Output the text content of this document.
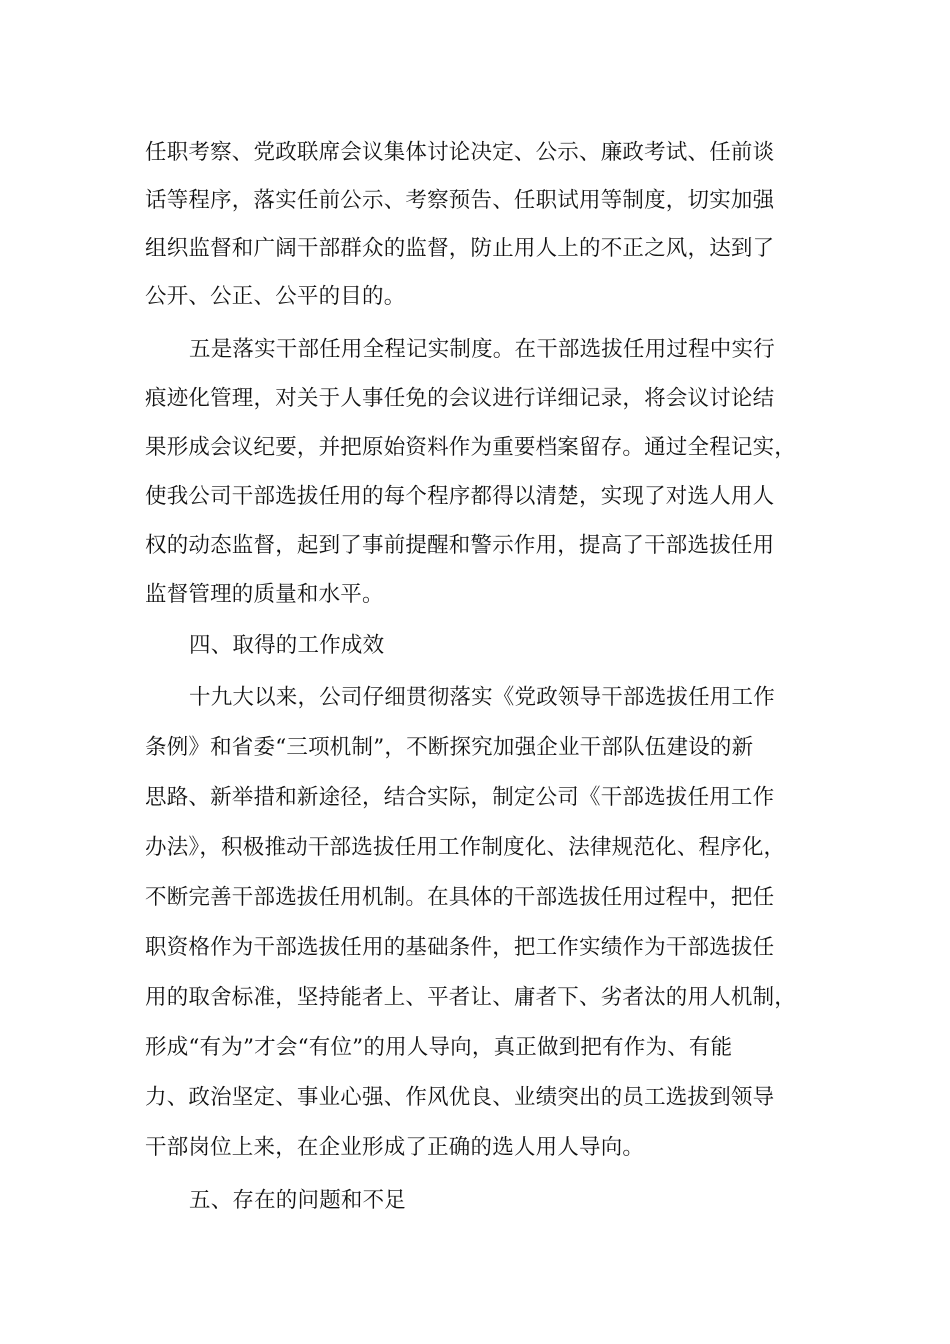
任职考察、党政联席会议集体讨论决定、公示、廉政考试、任前谈
话等程序，落实任前公示、考察预告、任职试用等制度，切实加强
组织监督和广阔干部群众的监督，防止用人上的不正之风，达到了
公开、公正、公平的目的。
五是落实干部任用全程记实制度。在干部选拔任用过程中实行
痕迹化管理，对关于人事任免的会议进行详细记录，将会议讨论结
果形成会议纪要，并把原始资料作为重要档案留存。通过全程记实，
使我公司干部选拔任用的每个程序都得以清楚，实现了对选人用人
权的动态监督，起到了事前提醒和警示作用，提高了干部选拔任用
监督管理的质量和水平。
四、取得的工作成效
十九大以来，公司仔细贯彻落实《党政领导干部选拔任用工作
条例》和省委“三项机制”，不断探究加强企业干部队伍建设的新
思路、新举措和新途径，结合实际，制定公司《干部选拔任用工作
办法》，积极推动干部选拔任用工作制度化、法律规范化、程序化，
不断完善干部选拔任用机制。在具体的干部选拔任用过程中，把任
职资格作为干部选拔任用的基础条件，把工作实绩作为干部选拔任
用的取舍标准，坚持能者上、平者让、庸者下、劣者汰的用人机制，
形成“有为”才会“有位”的用人导向，真正做到把有作为、有能
力、政治坚定、事业心强、作风优良、业绩突出的员工选拔到领导
干部岗位上来，在企业形成了正确的选人用人导向。
五、存在的问题和不足
